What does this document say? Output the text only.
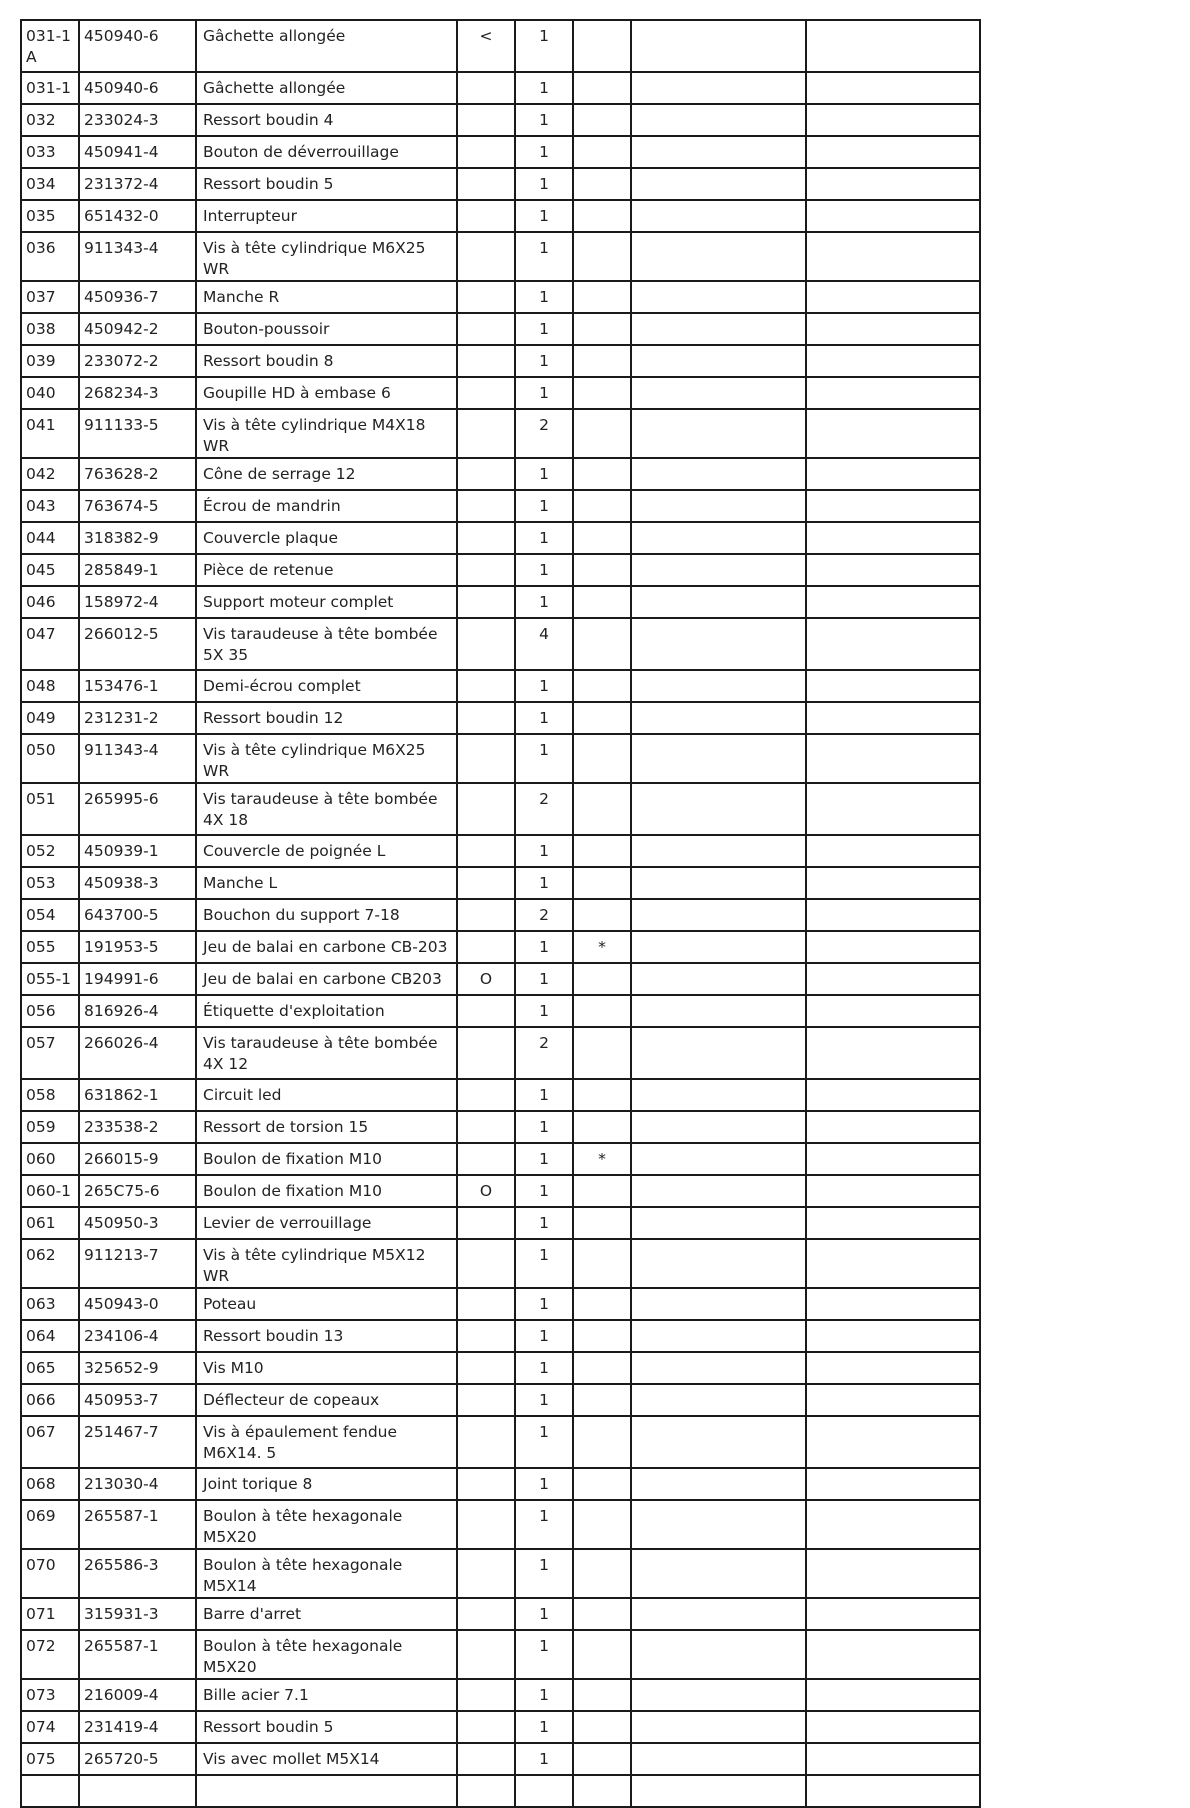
031-1 A	450940-6	Gâchette allongée	<	1			
031-1	450940-6	Gâchette allongée		1			
032	233024-3	Ressort boudin 4		1			
033	450941-4	Bouton de déverrouillage		1			
034	231372-4	Ressort boudin 5		1			
035	651432-0	Interrupteur		1			
036	911343-4	Vis à tête cylindrique M6X25 WR		1			
037	450936-7	Manche R		1			
038	450942-2	Bouton-poussoir		1			
039	233072-2	Ressort boudin 8		1			
040	268234-3	Goupille HD à embase 6		1			
041	911133-5	Vis à tête cylindrique M4X18 WR		2			
042	763628-2	Cône de serrage 12		1			
043	763674-5	Écrou de mandrin		1			
044	318382-9	Couvercle plaque		1			
045	285849-1	Pièce de retenue		1			
046	158972-4	Support moteur complet		1			
047	266012-5	Vis taraudeuse à tête bombée 5X 35		4			
048	153476-1	Demi-écrou complet		1			
049	231231-2	Ressort boudin 12		1			
050	911343-4	Vis à tête cylindrique M6X25 WR		1			
051	265995-6	Vis taraudeuse à tête bombée 4X 18		2			
052	450939-1	Couvercle de poignée L		1			
053	450938-3	Manche L		1			
054	643700-5	Bouchon du support 7-18		2			
055	191953-5	Jeu de balai en carbone CB-203		1	*		
055-1	194991-6	Jeu de balai en carbone CB203	O	1			
056	816926-4	Étiquette d'exploitation		1			
057	266026-4	Vis taraudeuse à tête bombée 4X 12		2			
058	631862-1	Circuit led		1			
059	233538-2	Ressort de torsion 15		1			
060	266015-9	Boulon de fixation M10		1	*		
060-1	265C75-6	Boulon de fixation M10	O	1			
061	450950-3	Levier de verrouillage		1			
062	911213-7	Vis à tête cylindrique M5X12 WR		1			
063	450943-0	Poteau		1			
064	234106-4	Ressort boudin 13		1			
065	325652-9	Vis M10		1			
066	450953-7	Déflecteur de copeaux		1			
067	251467-7	Vis à épaulement fendue M6X14. 5		1			
068	213030-4	Joint torique 8		1			
069	265587-1	Boulon à tête hexagonale M5X20		1			
070	265586-3	Boulon à tête hexagonale M5X14		1			
071	315931-3	Barre d'arret		1			
072	265587-1	Boulon à tête hexagonale M5X20		1			
073	216009-4	Bille acier 7.1		1			
074	231419-4	Ressort boudin 5		1			
075	265720-5	Vis avec mollet M5X14		1			
